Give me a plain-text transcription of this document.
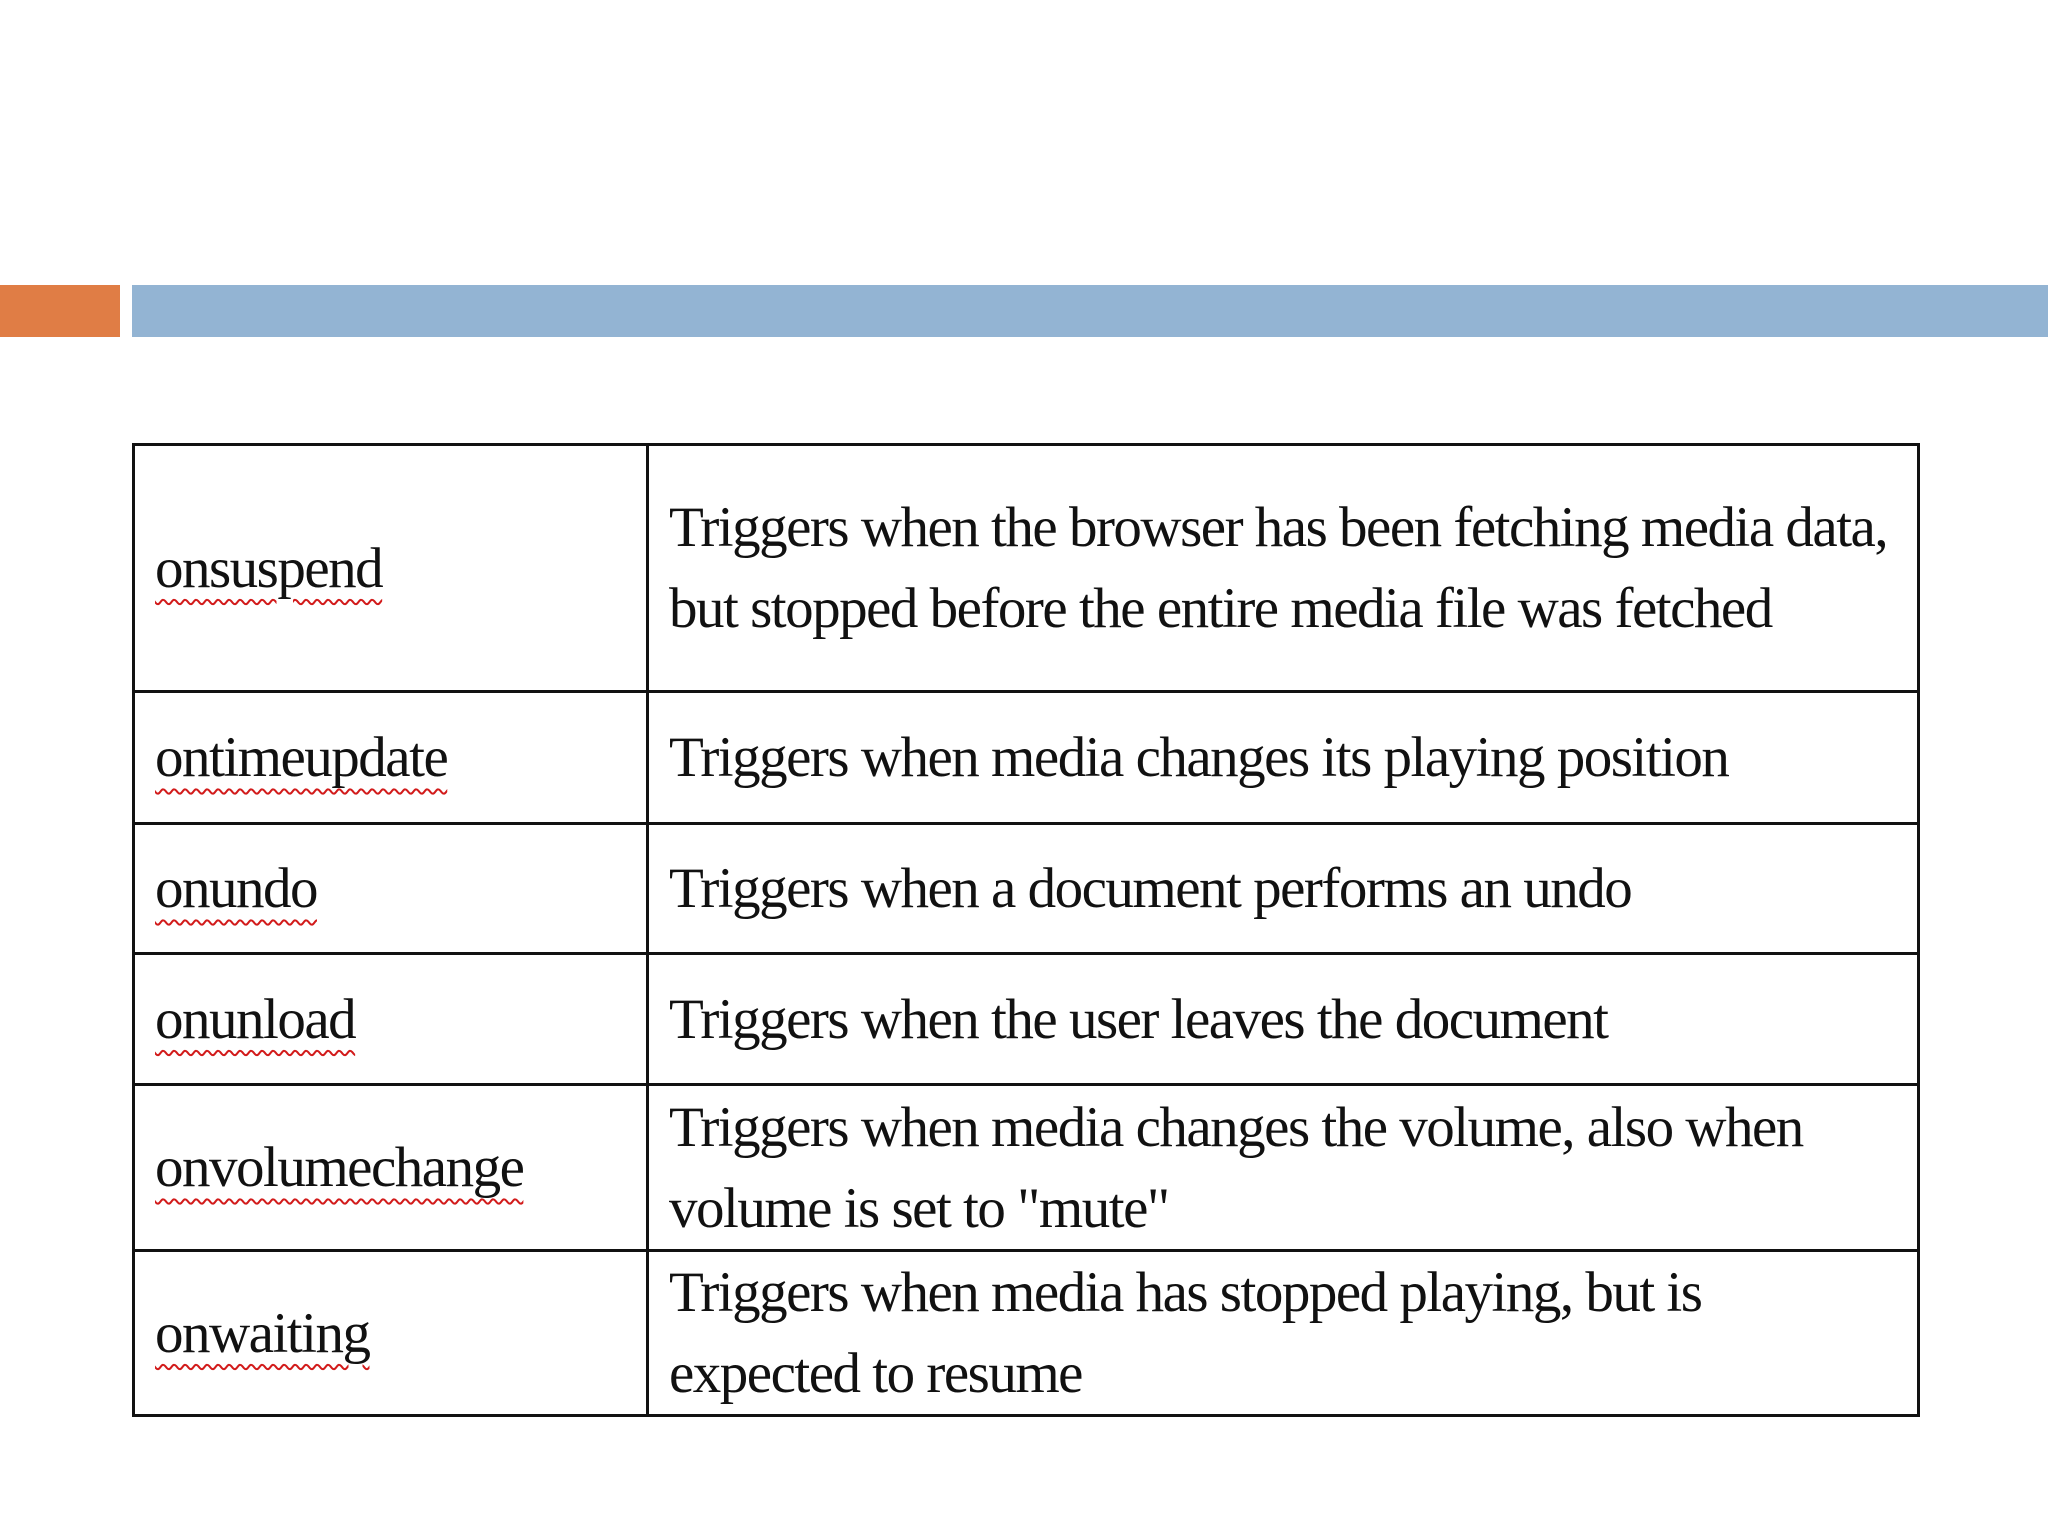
onsuspend	Triggers when the browser has been fetching media data, but stopped before the entire media file was fetched
ontimeupdate	Triggers when media changes its playing position
onundo	Triggers when a document performs an undo
onunload	Triggers when the user leaves the document
onvolumechange	Triggers when media changes the volume, also when volume is set to "mute"
onwaiting	Triggers when media has stopped playing, but is expected to resume
